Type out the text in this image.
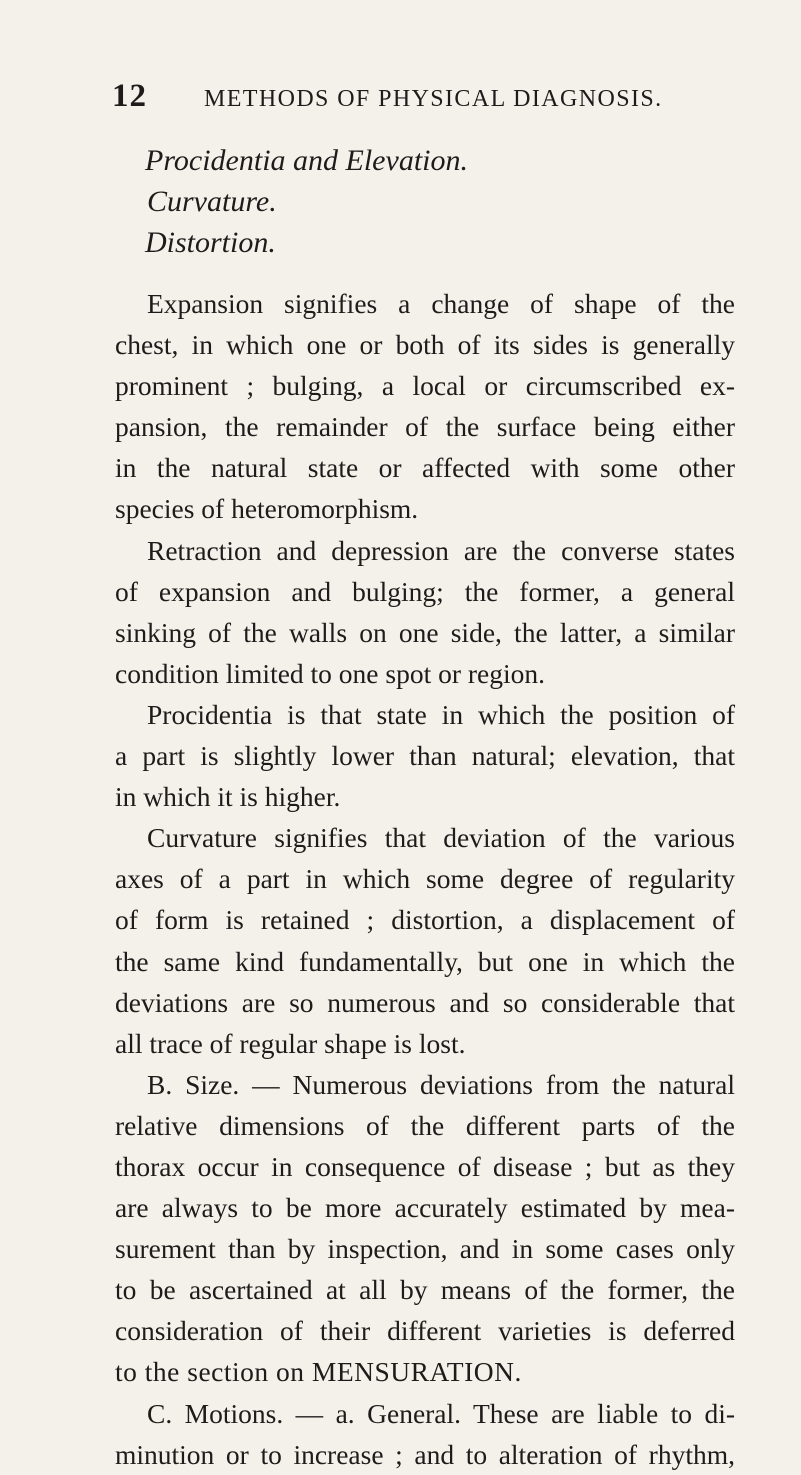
12	METHODS OF PHYSICAL DIAGNOSIS.
Procidentia and Elevation.
Curvature.
Distortion.
Expansion signifies a change of shape of the
chest, in which one or both of its sides is generally
prominent ; bulging, a local or circumscribed ex-
pansion, the remainder of the surface being either
in the natural state or affected with some other
species of heteromorphism.
Retraction and depression are the converse states
of expansion and bulging; the former, a general
sinking of the walls on one side, the latter, a similar
condition limited to one spot or region.
Procidentia is that state in which the position of
a part is slightly lower than natural; elevation, that
in which it is higher.
Curvature signifies that deviation of the various
axes of a part in which some degree of regularity
of form is retained ; distortion, a displacement of
the same kind fundamentally, but one in which the
deviations are so numerous and so considerable that
all trace of regular shape is lost.
B. Size. — Numerous deviations from the natural
relative dimensions of the different parts of the
thorax occur in consequence of disease ; but as they
are always to be more accurately estimated by mea-
surement than by inspection, and in some cases only
to be ascertained at all by means of the former, the
consideration of their different varieties is deferred
to the section on MENSURATION.
C. Motions. — a. General. These are liable to di-
minution or to increase ; and to alteration of rhythm,
